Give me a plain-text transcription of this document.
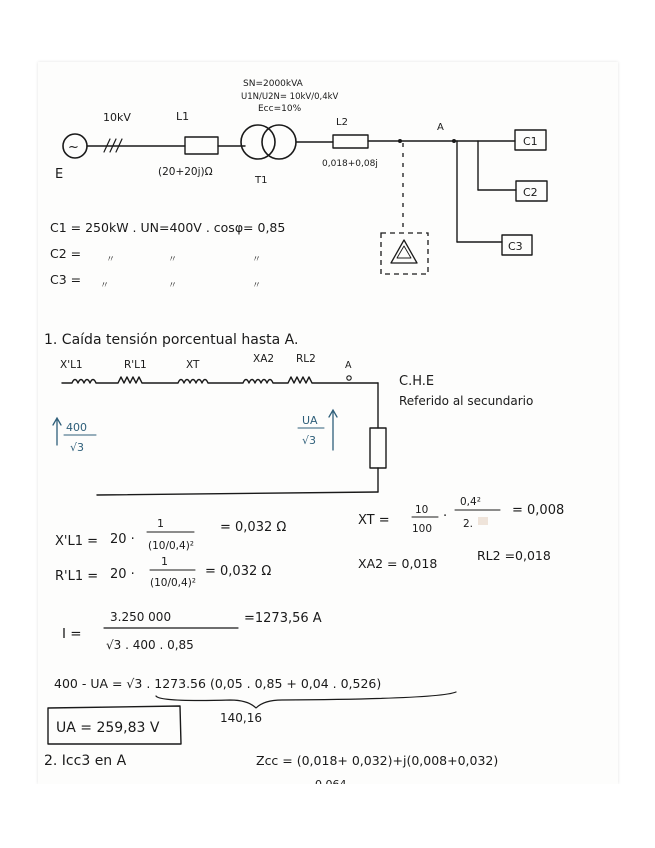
~
E
10kV	L1
(20+20j)Ω
T1
SN=2000kVA
U1N/U2N= 10kV/0,4kV
Ecc=10%
L2
0,018+0,08j
A
C1
C2
C3
C1 = 250kW . UN=400V . cosφ= 0,85
C2 =
C3 =
〃	〃	〃
〃	〃	〃
1. Caída tensión porcentual hasta A.
X'L1	R'L1	XT	XA2 RL2
A
400
√3
UA
√3
C.H.E
Referido al secundario
X'L1 = 20 ·
1
(10/0,4)²
= 0,032 Ω	XT =
10
100
·
0,4²
2.
= 0,008
R'L1 = 20 ·
1
(10/0,4)²
= 0,032 Ω
XA2 = 0,018
RL2 =0,018
I =
3.250 000
√3 . 400 . 0,85
=1273,56 A
400 - UA = √3 . 1273.56 (0,05 . 0,85 + 0,04 . 0,526)
140,16
UA = 259,83 V
2. Icc3 en A	Zcc = (0,018+ 0,032)+j(0,008+0,032)
